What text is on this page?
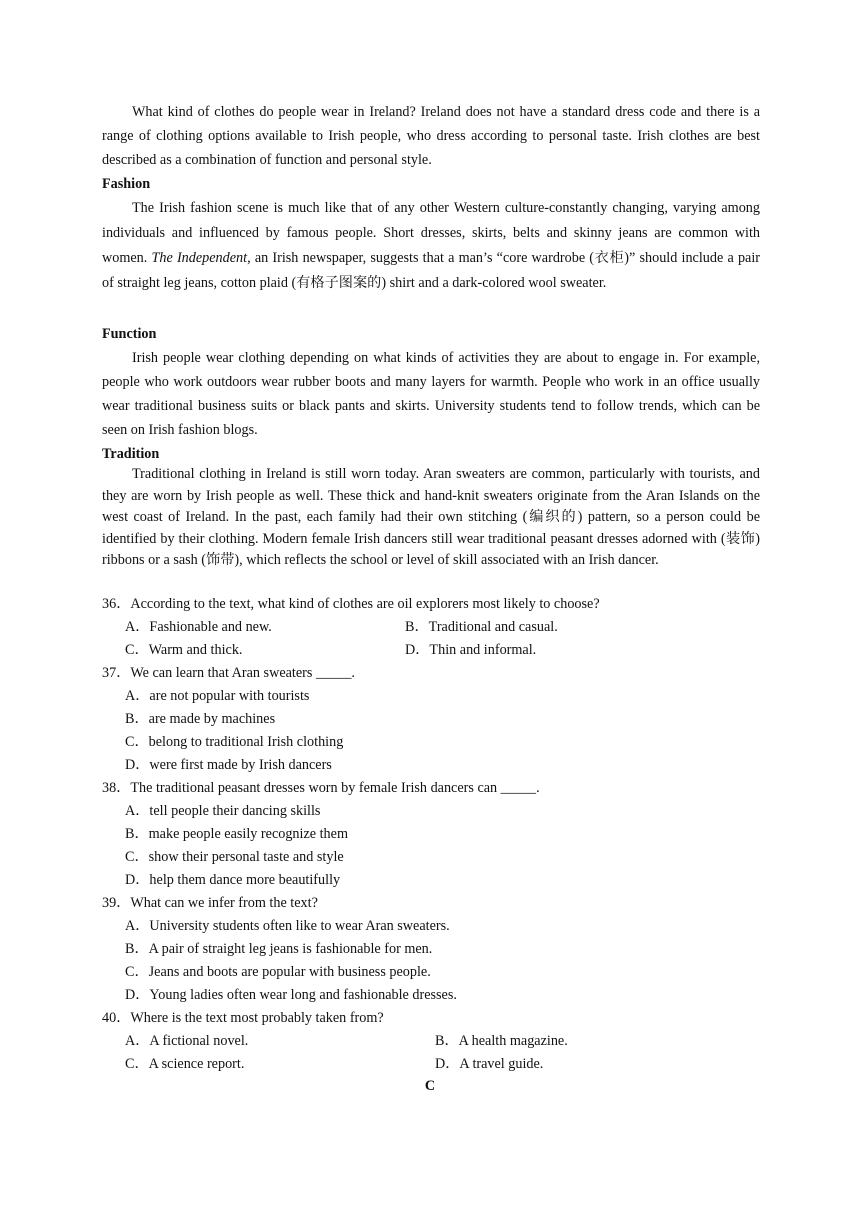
What kind of clothes do people wear in Ireland? Ireland does not have a standard dress code and there is a range of clothing options available to Irish people, who dress according to personal taste. Irish clothes are best described as a combination of function and personal style.

Fashion

The Irish fashion scene is much like that of any other Western culture-constantly changing, varying among individuals and influenced by famous people. Short dresses, skirts, belts and skinny jeans are common with women. The Independent, an Irish newspaper, suggests that a man’s “core wardrobe (衣柜)” should include a pair of straight leg jeans, cotton plaid (有格子图案的) shirt and a dark-colored wool sweater.

Function

Irish people wear clothing depending on what kinds of activities they are about to engage in. For example, people who work outdoors wear rubber boots and many layers for warmth. People who work in an office usually wear traditional business suits or black pants and skirts. University students tend to follow trends, which can be seen on Irish fashion blogs.

Tradition

Traditional clothing in Ireland is still worn today. Aran sweaters are common, particularly with tourists, and they are worn by Irish people as well. These thick and hand-knit sweaters originate from the Aran Islands on the west coast of Ireland. In the past, each family had their own stitching (编织的) pattern, so a person could be identified by their clothing. Modern female Irish dancers still wear traditional peasant dresses adorned with (装饰) ribbons or a sash (饰带), which reflects the school or level of skill associated with an Irish dancer.

36．According to the text, what kind of clothes are oil explorers most likely to choose?
A．Fashionable and new.	B．Traditional and casual.
C．Warm and thick.	D．Thin and informal.
37．We can learn that Aran sweaters _____.
A．are not popular with tourists
B．are made by machines
C．belong to traditional Irish clothing
D．were first made by Irish dancers
38．The traditional peasant dresses worn by female Irish dancers can _____.
A．tell people their dancing skills
B．make people easily recognize them
C．show their personal taste and style
D．help them dance more beautifully
39．What can we infer from the text?
A．University students often like to wear Aran sweaters.
B．A pair of straight leg jeans is fashionable for men.
C．Jeans and boots are popular with business people.
D．Young ladies often wear long and fashionable dresses.
40．Where is the text most probably taken from?
A．A fictional novel.	B．A health magazine.
C．A science report.	D．A travel guide.
C
